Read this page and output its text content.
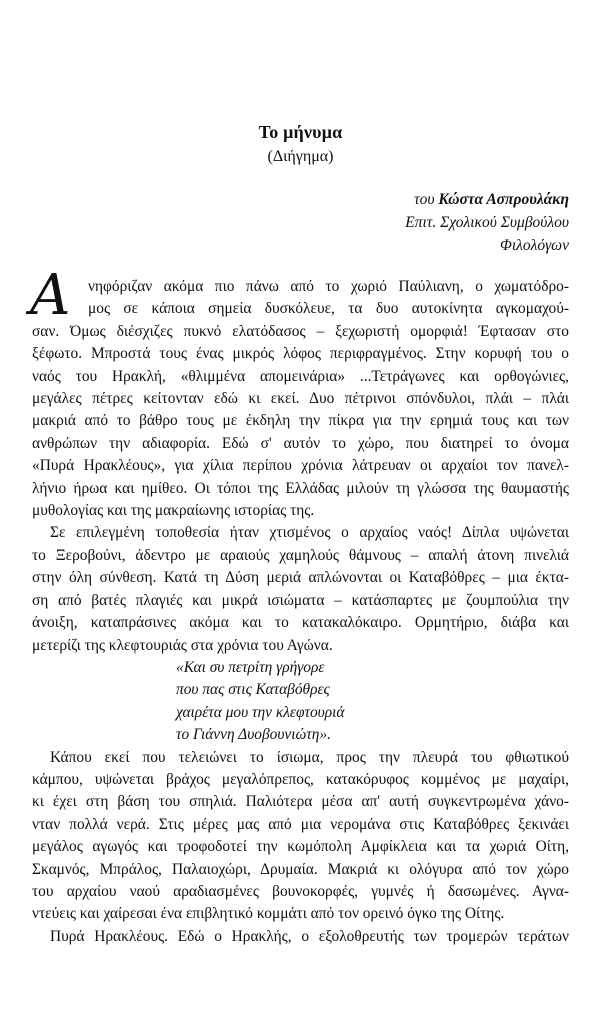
Το μήνυμα
(Διήγημα)
του Κώστα Ασπρουλάκη
Επιτ. Σχολικού Συμβούλου
Φιλολόγων
Α	νηφόριζαν ακόμα πιο πάνω από το χωριό Παύλιανη, ο χωματόδρο-
μος σε κάποια σημεία δυσκόλευε, τα δυο αυτοκίνητα αγκομαχού-
σαν. Όμως διέσχιζες πυκνό ελατόδασος – ξεχωριστή ομορφιά! Έφτασαν στο
ξέφωτο. Μπροστά τους ένας μικρός λόφος περιφραγμένος. Στην κορυφή του ο
ναός του Ηρακλή, «θλιμμένα απομεινάρια» ...Τετράγωνες και ορθογώνιες,
μεγάλες πέτρες κείτονταν εδώ κι εκεί. Δυο πέτρινοι σπόνδυλοι, πλάι – πλάι
μακριά από το βάθρο τους με έκδηλη την πίκρα για την ερημιά τους και των
ανθρώπων την αδιαφορία. Εδώ σ' αυτόν το χώρο, που διατηρεί το όνομα
«Πυρά Ηρακλέους», για χίλια περίπου χρόνια λάτρευαν οι αρχαίοι τον πανελ-
λήνιο ήρωα και ημίθεο. Οι τόποι της Ελλάδας μιλούν τη γλώσσα της θαυμαστής
μυθολογίας και της μακραίωνης ιστορίας της.
Σε επιλεγμένη τοποθεσία ήταν χτισμένος ο αρχαίος ναός! Δίπλα υψώνεται
το Ξεροβούνι, άδεντρο με αραιούς χαμηλούς θάμνους – απαλή άτονη πινελιά
στην όλη σύνθεση. Κατά τη Δύση μεριά απλώνονται οι Καταβόθρες – μια έκτα-
ση από βατές πλαγιές και μικρά ισιώματα – κατάσπαρτες με ζουμπούλια την
άνοιξη, καταπράσινες ακόμα και το κατακαλόκαιρο. Ορμητήριο, διάβα και
μετερίζι της κλεφτουριάς στα χρόνια του Αγώνα.
«Και συ πετρίτη γρήγορε
που πας στις Καταβόθρες
χαιρέτα μου την κλεφτουριά
το Γιάννη Δυοβουνιώτη».
Κάπου εκεί που τελειώνει το ίσιωμα, προς την πλευρά του φθιωτικού
κάμπου, υψώνεται βράχος μεγαλόπρεπος, κατακόρυφος κομμένος με μαχαίρι,
κι έχει στη βάση του σπηλιά. Παλιότερα μέσα απ' αυτή συγκεντρωμένα χάνο-
νταν πολλά νερά. Στις μέρες μας από μια νερομάνα στις Καταβόθρες ξεκινάει
μεγάλος αγωγός και τροφοδοτεί την κωμόπολη Αμφίκλεια και τα χωριά Οίτη,
Σκαμνός, Μπράλος, Παλαιοχώρι, Δρυμαία. Μακριά κι ολόγυρα από τον χώρο
του αρχαίου ναού αραδιασμένες βουνοκορφές, γυμνές ή δασωμένες. Αγνα-
ντεύεις και χαίρεσαι ένα επιβλητικό κομμάτι από τον ορεινό όγκο της Οίτης.
Πυρά Ηρακλέους. Εδώ ο Ηρακλής, ο εξολοθρευτής των τρομερών τεράτων
